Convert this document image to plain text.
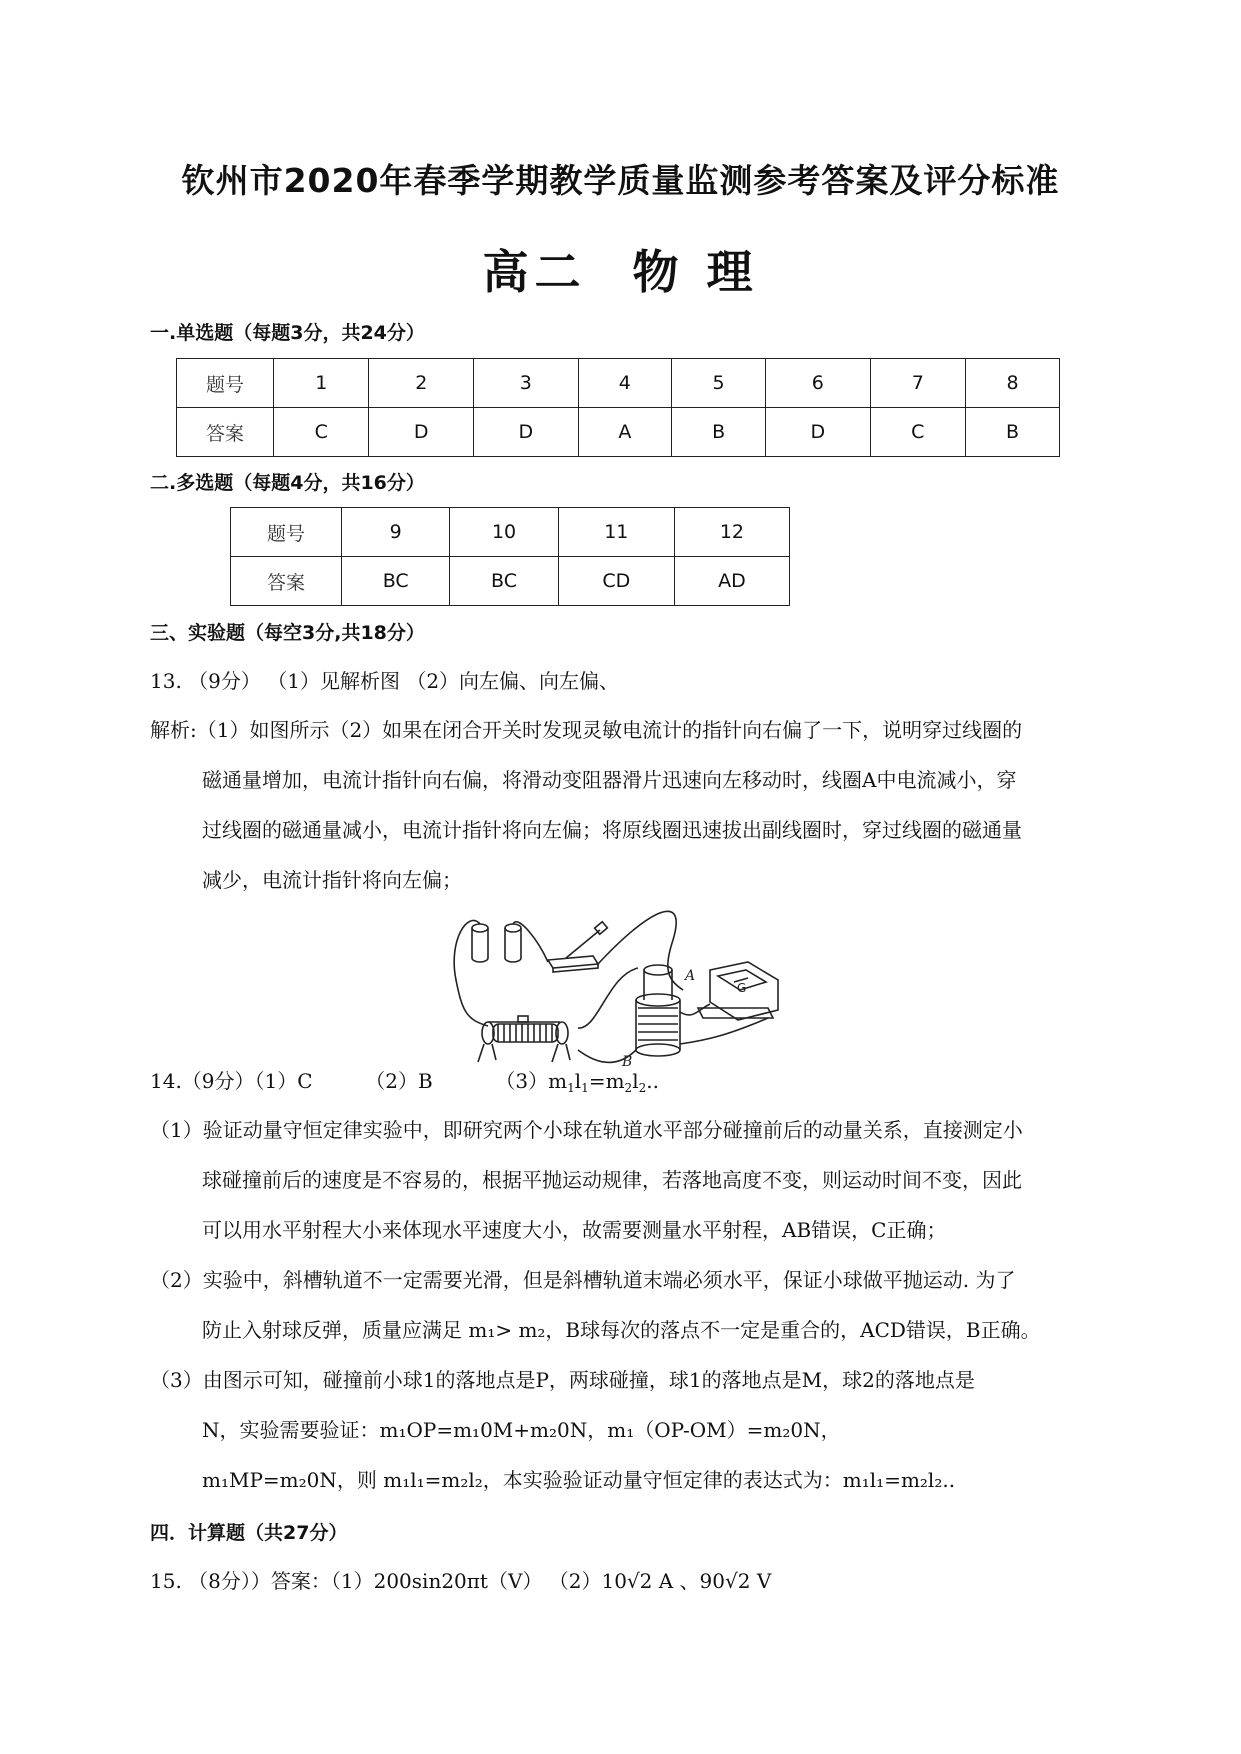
钦州市2020年春季学期教学质量监测参考答案及评分标准
高二 物 理
一.单选题（每题3分，共24分）
题号	1	2	3	4	5	6	7	8
答案	C	D	D	A	B	D	C	B
二.多选题（每题4分，共16分）
题号	9	10	11	12
答案	BC	BC	CD	AD
三、实验题（每空3分,共18分）
13. （9分） （1）见解析图 （2）向左偏、向左偏、
解析:（1）如图所示（2）如果在闭合开关时发现灵敏电流计的指针向右偏了一下，说明穿过线圈的
磁通量增加，电流计指针向右偏，将滑动变阻器滑片迅速向左移动时，线圈A中电流减小，穿
过线圈的磁通量减小，电流计指针将向左偏；将原线圈迅速拔出副线圈时，穿过线圈的磁通量
减少，电流计指针将向左偏；
A
B
G
14.（9分）（1）C	（2）B	$(3)m_1l_1=m_2l_2$..
（1）验证动量守恒定律实验中，即研究两个小球在轨道水平部分碰撞前后的动量关系，直接测定小
球碰撞前后的速度是不容易的，根据平抛运动规律，若落地高度不变，则运动时间不变，因此
可以用水平射程大小来体现水平速度大小，故需要测量水平射程，AB错误，C正确；
（2）实验中，斜槽轨道不一定需要光滑，但是斜槽轨道末端必须水平，保证小球做平抛运动. 为了
防止入射球反弹，质量应满足 m₁> m₂，B球每次的落点不一定是重合的，ACD错误，B正确。
（3）由图示可知，碰撞前小球1的落地点是P，两球碰撞，球1的落地点是M，球2的落地点是
N，实验需要验证：m₁OP=m₁0M+m₂0N，m₁（OP-OM）=m₂0N，
m₁MP=m₂0N，则 m₁l₁=m₂l₂，本实验验证动量守恒定律的表达式为：m₁l₁=m₂l₂..
四．计算题（共27分）
15. （8分））答案：（1）200sin20πt（V） （2）10√2 A 、90√2 V
